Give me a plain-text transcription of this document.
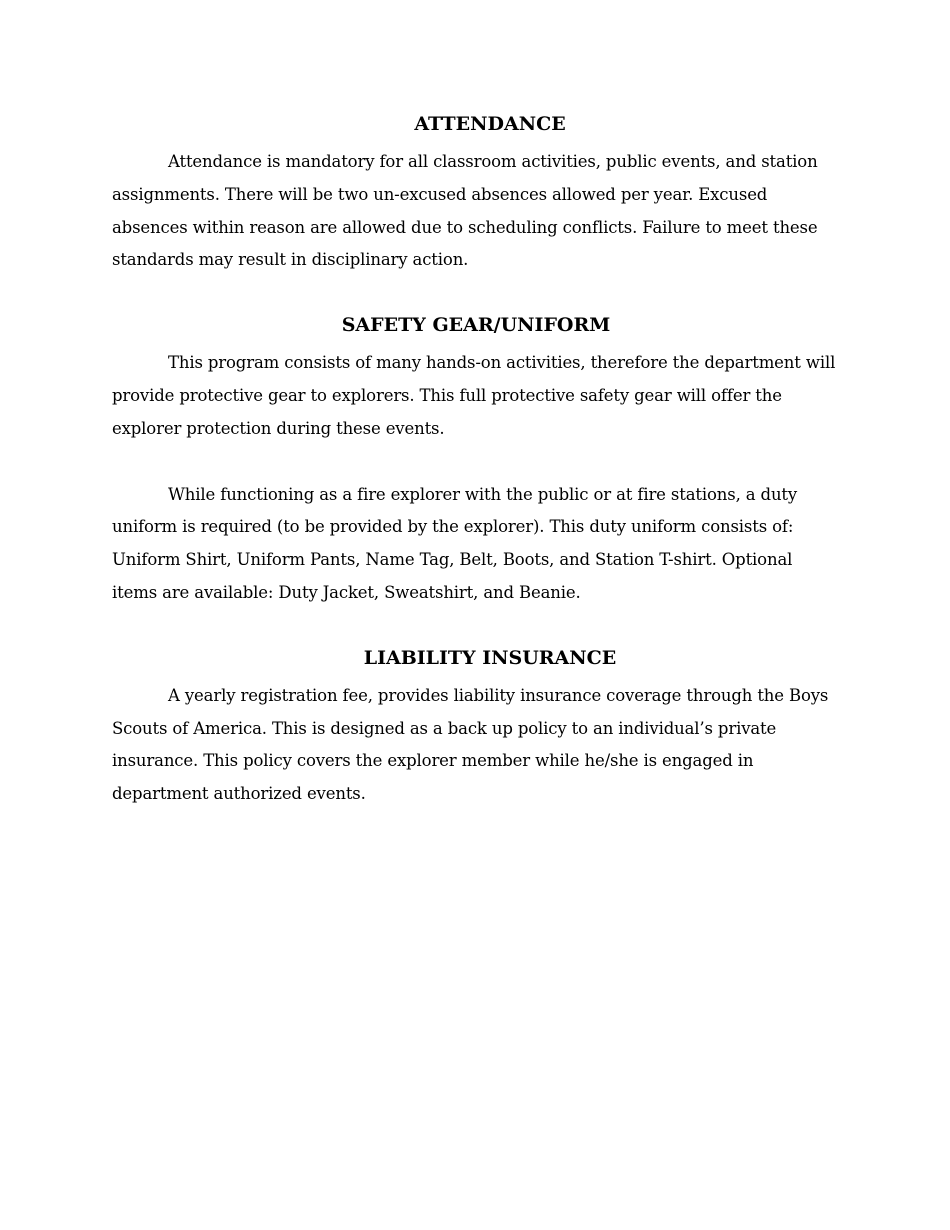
ATTENDANCE

Attendance is mandatory for all classroom activities, public events, and station assignments. There will be two un-excused absences allowed per year. Excused absences within reason are allowed due to scheduling conflicts. Failure to meet these standards may result in disciplinary action.

SAFETY GEAR/UNIFORM

This program consists of many hands-on activities, therefore the department will provide protective gear to explorers. This full protective safety gear will offer the explorer protection during these events.

While functioning as a fire explorer with the public or at fire stations, a duty uniform is required (to be provided by the explorer). This duty uniform consists of: Uniform Shirt, Uniform Pants, Name Tag, Belt, Boots, and Station T-shirt. Optional items are available: Duty Jacket, Sweatshirt, and Beanie.

LIABILITY INSURANCE

A yearly registration fee, provides liability insurance coverage through the Boys Scouts of America. This is designed as a back up policy to an individual’s private insurance. This policy covers the explorer member while he/she is engaged in department authorized events.
